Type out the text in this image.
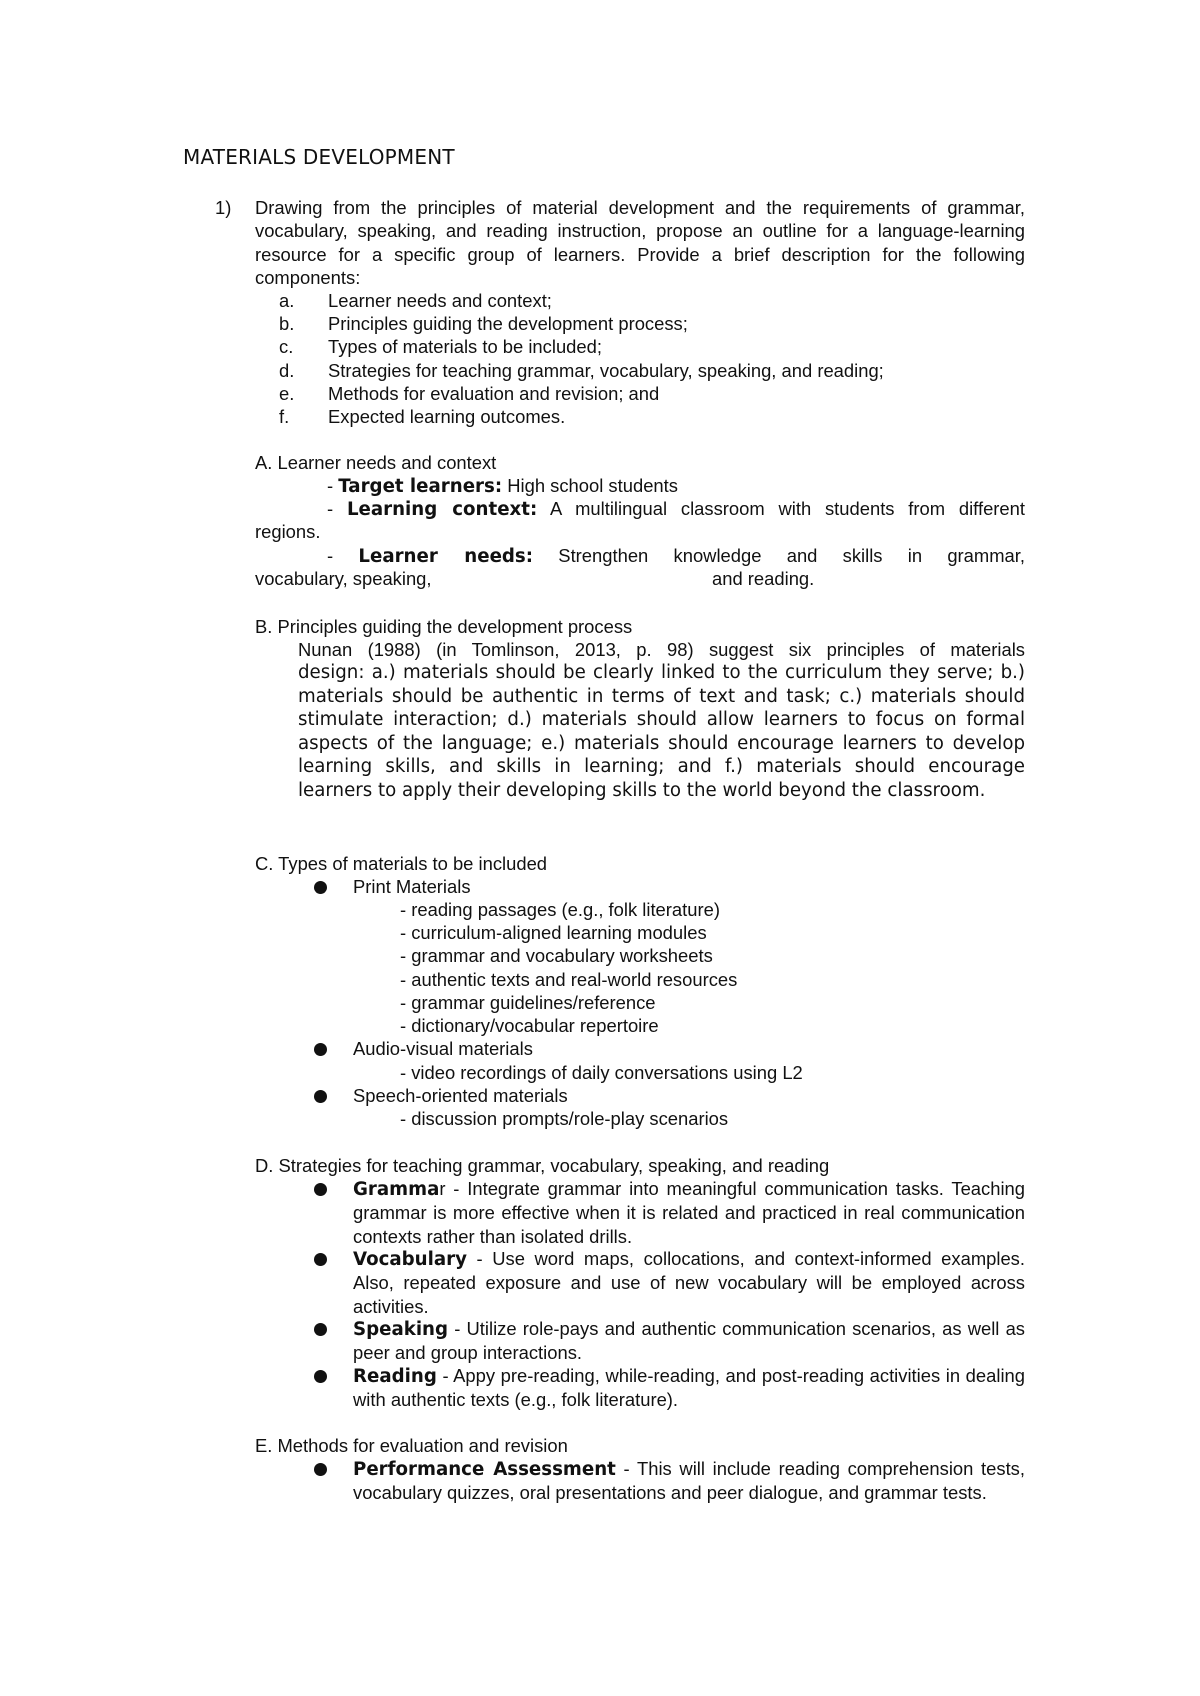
MATERIALS DEVELOPMENT
1) Drawing from the principles of material development and the requirements of grammar, vocabulary, speaking, and reading instruction, propose an outline for a language-learning resource for a specific group of learners. Provide a brief description for the following components:

a. Learner needs and context;
b. Principles guiding the development process;
c. Types of materials to be included;
d. Strategies for teaching grammar, vocabulary, speaking, and reading;
e. Methods for evaluation and revision; and
f. Expected learning outcomes.
A. Learner needs and context
- Target learners: High school students
- Learning context: A multilingual classroom with students from different
regions.
- Learner needs: Strengthen knowledge and skills in grammar,
vocabulary, speaking,	and reading.
B. Principles guiding the development process

Nunan (1988) (in Tomlinson, 2013, p. 98) suggest six principles of materials

design: a.) materials should be clearly linked to the curriculum they serve; b.) materials should be authentic in terms of text and task; c.) materials should stimulate interaction; d.) materials should allow learners to focus on formal aspects of the language; e.) materials should encourage learners to develop learning skills, and skills in learning; and f.) materials should encourage learners to apply their developing skills to the world beyond the classroom.

C. Types of materials to be included
Print Materials
- reading passages (e.g., folk literature)
- curriculum-aligned learning modules
- grammar and vocabulary worksheets
- authentic texts and real-world resources
- grammar guidelines/reference
- dictionary/vocabular repertoire
Audio-visual materials
- video recordings of daily conversations using L2
Speech-oriented materials
- discussion prompts/role-play scenarios
D. Strategies for teaching grammar, vocabulary, speaking, and reading

Grammar - Integrate grammar into meaningful communication tasks. Teaching grammar is more effective when it is related and practiced in real communication contexts rather than isolated drills.

Vocabulary - Use word maps, collocations, and context-informed examples. Also, repeated exposure and use of new vocabulary will be employed across activities.

Speaking - Utilize role-pays and authentic communication scenarios, as well as peer and group interactions.

Reading - Appy pre-reading, while-reading, and post-reading activities in dealing with authentic texts (e.g., folk literature).

E. Methods for evaluation and revision

Performance Assessment - This will include reading comprehension tests, vocabulary quizzes, oral presentations and peer dialogue, and grammar tests.
